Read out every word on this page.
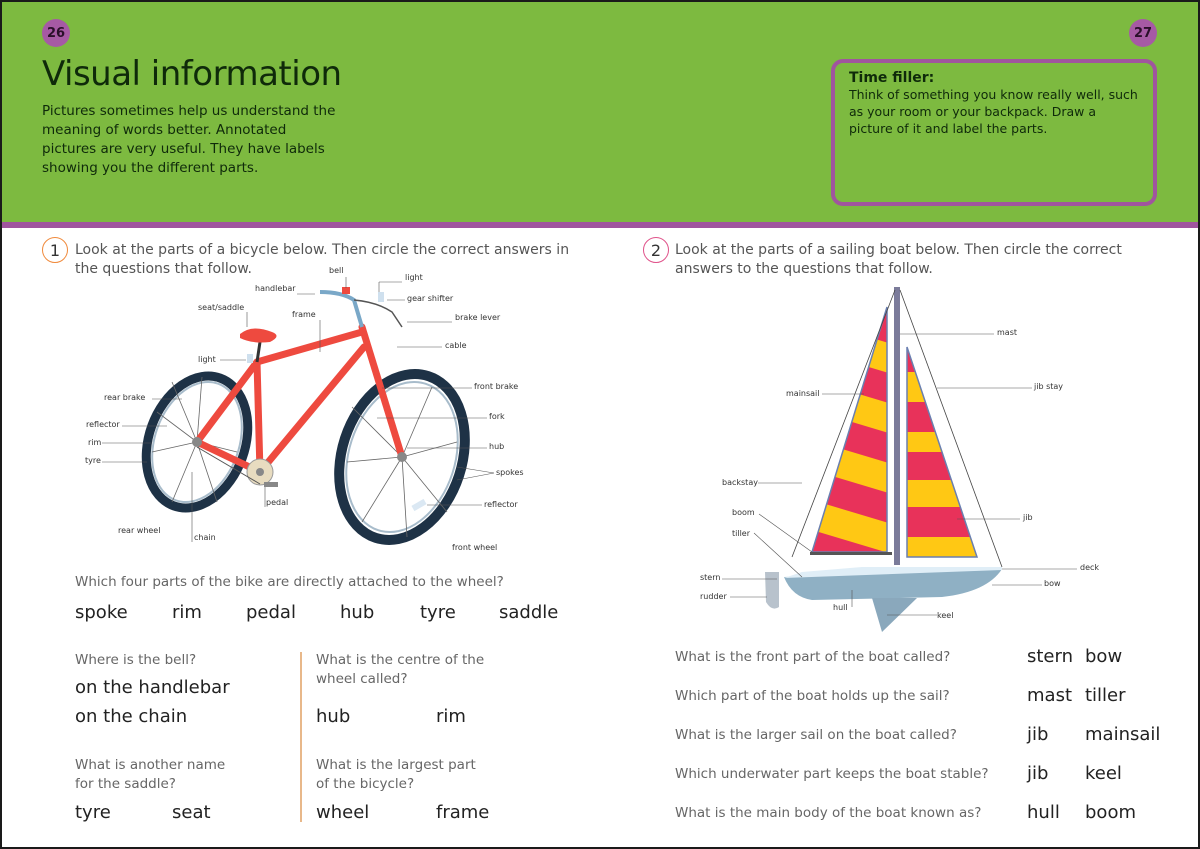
26	27
Visual information
Pictures sometimes help us understand the meaning of words better. Annotated pictures are very useful. They have labels showing you the different parts.
Time filler:
Think of something you know really well, such as your room or your backpack. Draw a picture of it and label the parts.
1	Look at the parts of a bicycle below. Then circle the correct answers in the questions that follow.	bell
light
handlebar
gear shifter
seat/saddle
frame	brake lever
cable
light
front brake
rear brake
fork
reflector
rim	hub
tyre
spokes
pedal	reflector
rear wheel
chain
front wheel
Which four parts of the bike are directly attached to the wheel?
spoke rim pedal hub	tyre saddle
Where is the bell?
on the handlebar
on the chain
What is the centre of the wheel called?
hub	rim
What is another name for the saddle?
tyre	seat
What is the largest part of the bicycle?
wheel	frame
2 Look at the parts of a sailing boat below. Then circle the correct answers to the questions that follow.
mast
mainsail
jib stay
backstay
boom
jib
tiller
deck
stern
bow
rudder
hull
keel
What is the front part of the boat called?	stern bow
Which part of the boat holds up the sail?	mast tiller
What is the larger sail on the boat called?	jib mainsail
Which underwater part keeps the boat stable? jib keel
What is the main body of the boat known as?	hull boom
